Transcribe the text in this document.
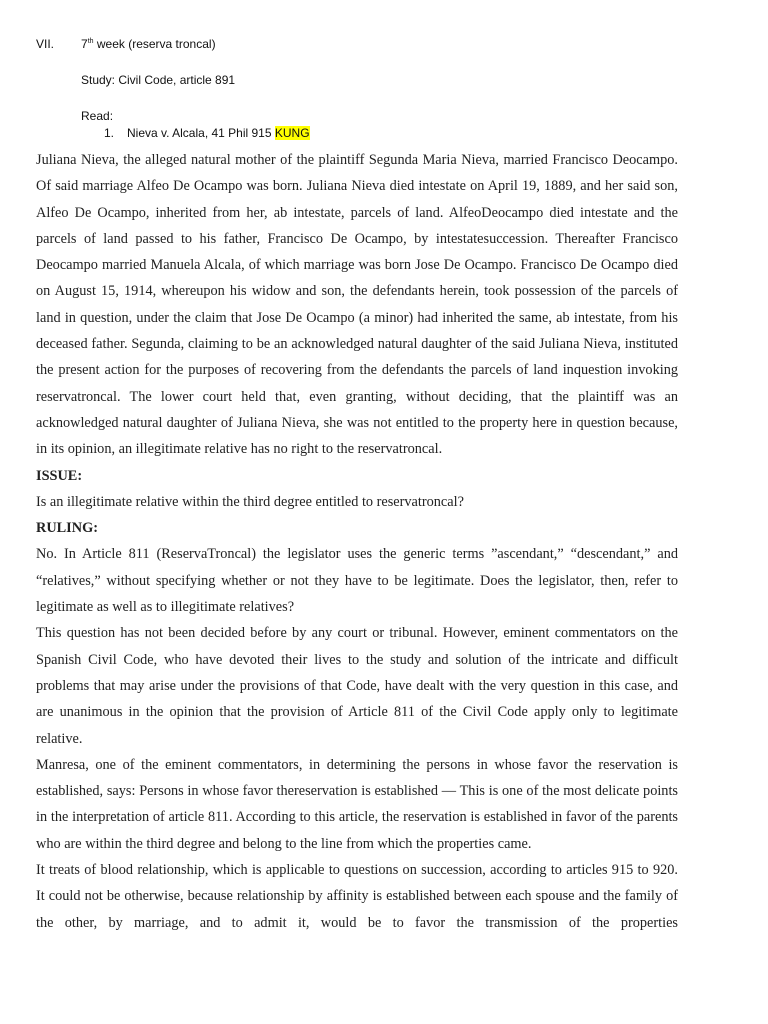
VII. 7th week (reserva troncal)
Study: Civil Code, article 891
Read:
1. Nieva v. Alcala, 41 Phil 915 KUNG

Juliana Nieva, the alleged natural mother of the plaintiff Segunda Maria Nieva, married Francisco Deocampo. Of said marriage Alfeo De Ocampo was born. Juliana Nieva died intestate on April 19, 1889, and her said son, Alfeo De Ocampo, inherited from her, ab intestate, parcels of land. AlfeoDeocampo died intestate and the parcels of land passed to his father, Francisco De Ocampo, by intestatesuccession. Thereafter Francisco Deocampo married Manuela Alcala, of which marriage was born Jose De Ocampo. Francisco De Ocampo died on August 15, 1914, whereupon his widow and son, the defendants herein, took possession of the parcels of land in question, under the claim that Jose De Ocampo (a minor) had inherited the same, ab intestate, from his deceased father. Segunda, claiming to be an acknowledged natural daughter of the said Juliana Nieva, instituted the present action for the purposes of recovering from the defendants the parcels of land inquestion invoking reservatroncal. The lower court held that, even granting, without deciding, that the plaintiff was an acknowledged natural daughter of Juliana Nieva, she was not entitled to the property here in question because, in its opinion, an illegitimate relative has no right to the reservatroncal.

ISSUE:

Is an illegitimate relative within the third degree entitled to reservatroncal?

RULING:

No. In Article 811 (ReservaTroncal) the legislator uses the generic terms ”ascendant,” “descendant,” and “relatives,” without specifying whether or not they have to be legitimate. Does the legislator, then, refer to legitimate as well as to illegitimate relatives?

This question has not been decided before by any court or tribunal. However, eminent commentators on the Spanish Civil Code, who have devoted their lives to the study and solution of the intricate and difficult problems that may arise under the provisions of that Code, have dealt with the very question in this case, and are unanimous in the opinion that the provision of Article 811 of the Civil Code apply only to legitimate relative.

Manresa, one of the eminent commentators, in determining the persons in whose favor the reservation is established, says: Persons in whose favor thereservation is established — This is one of the most delicate points in the interpretation of article 811. According to this article, the reservation is established in favor of the parents who are within the third degree and belong to the line from which the properties came.

It treats of blood relationship, which is applicable to questions on succession, according to articles 915 to 920. It could not be otherwise, because relationship by affinity is established between each spouse and the family of the other, by marriage, and to admit it, would be to favor the transmission of the properties
